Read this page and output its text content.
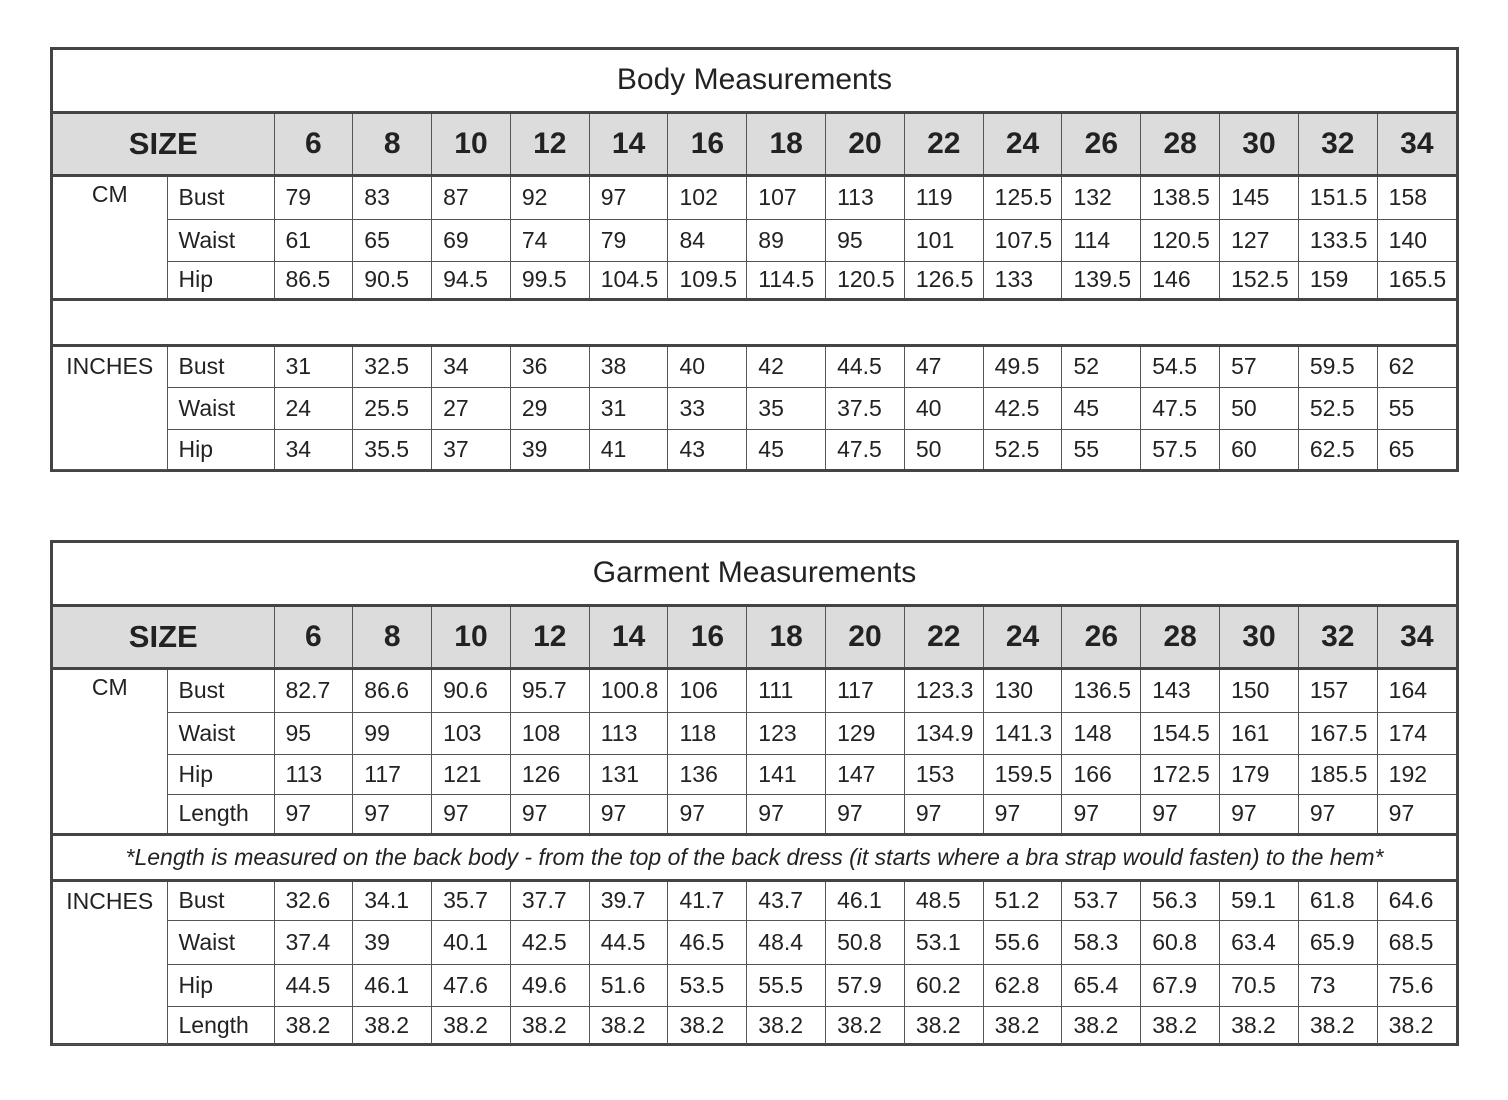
Body Measurements																
SIZE		6	8	10	12	14	16	18	20	22	24	26	28	30	32	34
CM	Bust	79	83	87	92	97	102	107	113	119	125.5	132	138.5	145	151.5	158
	Waist	61	65	69	74	79	84	89	95	101	107.5	114	120.5	127	133.5	140
	Hip	86.5	90.5	94.5	99.5	104.5	109.5	114.5	120.5	126.5	133	139.5	146	152.5	159	165.5

INCHES	Bust	31	32.5	34	36	38	40	42	44.5	47	49.5	52	54.5	57	59.5	62
	Waist	24	25.5	27	29	31	33	35	37.5	40	42.5	45	47.5	50	52.5	55
	Hip	34	35.5	37	39	41	43	45	47.5	50	52.5	55	57.5	60	62.5	65
Garment Measurements																
SIZE		6	8	10	12	14	16	18	20	22	24	26	28	30	32	34
CM	Bust	82.7	86.6	90.6	95.7	100.8	106	111	117	123.3	130	136.5	143	150	157	164
	Waist	95	99	103	108	113	118	123	129	134.9	141.3	148	154.5	161	167.5	174
	Hip	113	117	121	126	131	136	141	147	153	159.5	166	172.5	179	185.5	192
	Length	97	97	97	97	97	97	97	97	97	97	97	97	97	97	97
*Length is measured on the back body - from the top of the back dress (it starts where a bra strap would fasten) to the hem*																
INCHES	Bust	32.6	34.1	35.7	37.7	39.7	41.7	43.7	46.1	48.5	51.2	53.7	56.3	59.1	61.8	64.6
	Waist	37.4	39	40.1	42.5	44.5	46.5	48.4	50.8	53.1	55.6	58.3	60.8	63.4	65.9	68.5
	Hip	44.5	46.1	47.6	49.6	51.6	53.5	55.5	57.9	60.2	62.8	65.4	67.9	70.5	73	75.6
	Length	38.2	38.2	38.2	38.2	38.2	38.2	38.2	38.2	38.2	38.2	38.2	38.2	38.2	38.2	38.2
